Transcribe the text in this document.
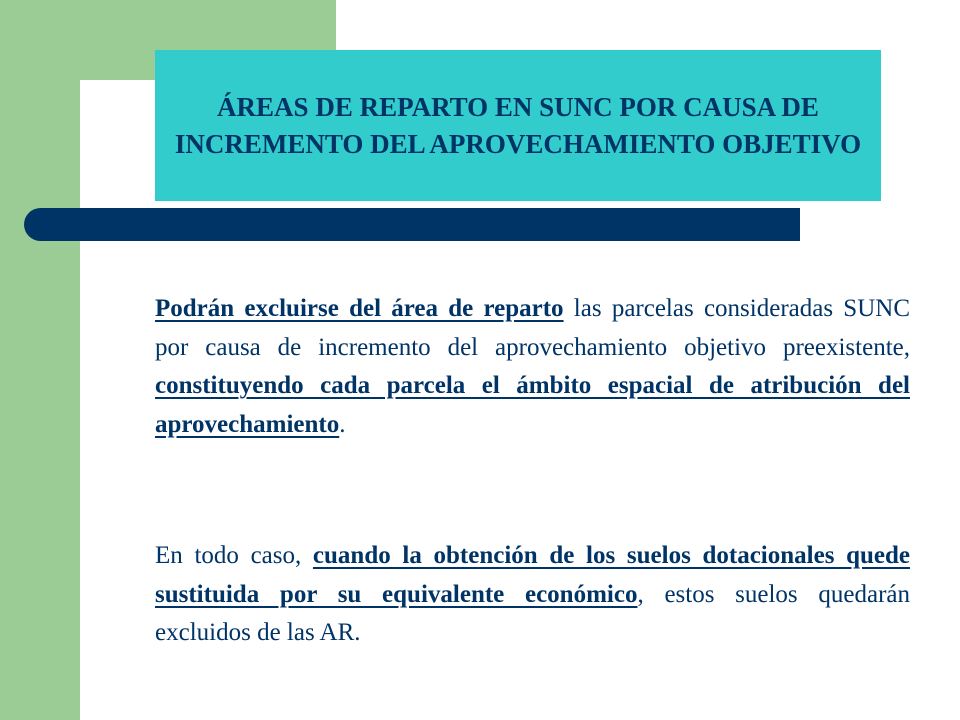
ÁREAS DE REPARTO EN SUNC POR CAUSA DE INCREMENTO DEL APROVECHAMIENTO OBJETIVO

Podrán excluirse del área de reparto las parcelas consideradas SUNC por causa de incremento del aprovechamiento objetivo preexistente, constituyendo cada parcela el ámbito espacial de atribución del aprovechamiento.

En todo caso, cuando la obtención de los suelos dotacionales quede sustituida por su equivalente económico, estos suelos quedarán excluidos de las AR.
